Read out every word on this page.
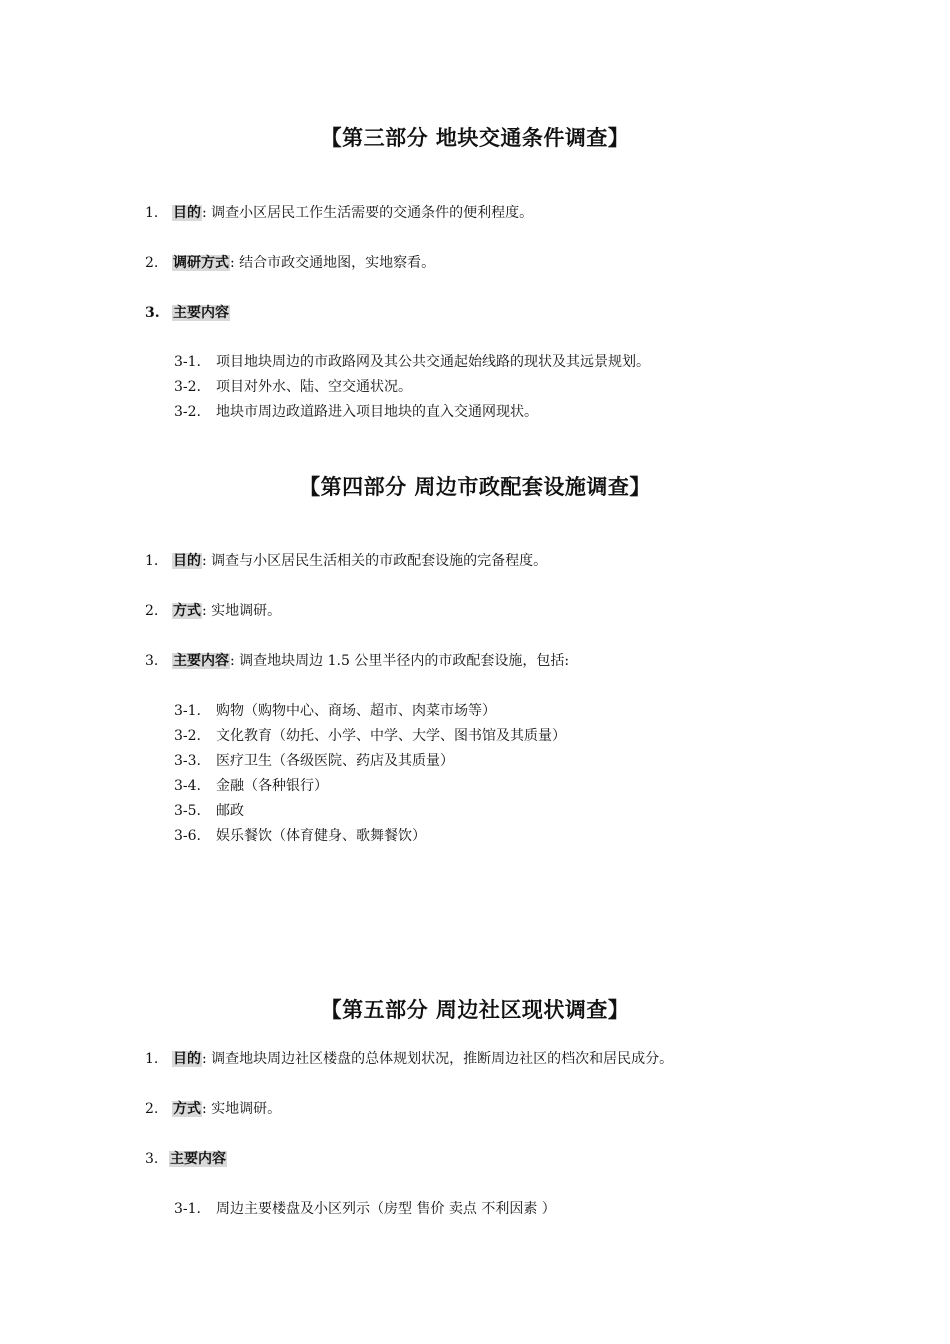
【第三部分 地块交通条件调查】
1. 目的: 调查小区居民工作生活需要的交通条件的便利程度。
2. 调研方式: 结合市政交通地图，实地察看。
3. 主要内容
3-1. 项目地块周边的市政路网及其公共交通起始线路的现状及其远景规划。
3-2. 项目对外水、陆、空交通状况。
3-2. 地块市周边政道路进入项目地块的直入交通网现状。
【第四部分 周边市政配套设施调查】
1. 目的: 调查与小区居民生活相关的市政配套设施的完备程度。
2. 方式: 实地调研。
3. 主要内容: 调查地块周边 1.5 公里半径内的市政配套设施，包括:
3-1. 购物（购物中心、商场、超市、肉菜市场等）
3-2. 文化教育（幼托、小学、中学、大学、图书馆及其质量）
3-3. 医疗卫生（各级医院、药店及其质量）
3-4. 金融（各种银行）
3-5. 邮政
3-6. 娱乐餐饮（体育健身、歌舞餐饮）
【第五部分 周边社区现状调查】
1. 目的: 调查地块周边社区楼盘的总体规划状况，推断周边社区的档次和居民成分。
2. 方式: 实地调研。
3. 主要内容
3-1. 周边主要楼盘及小区列示（房型 售价 卖点 不利因素 ）
